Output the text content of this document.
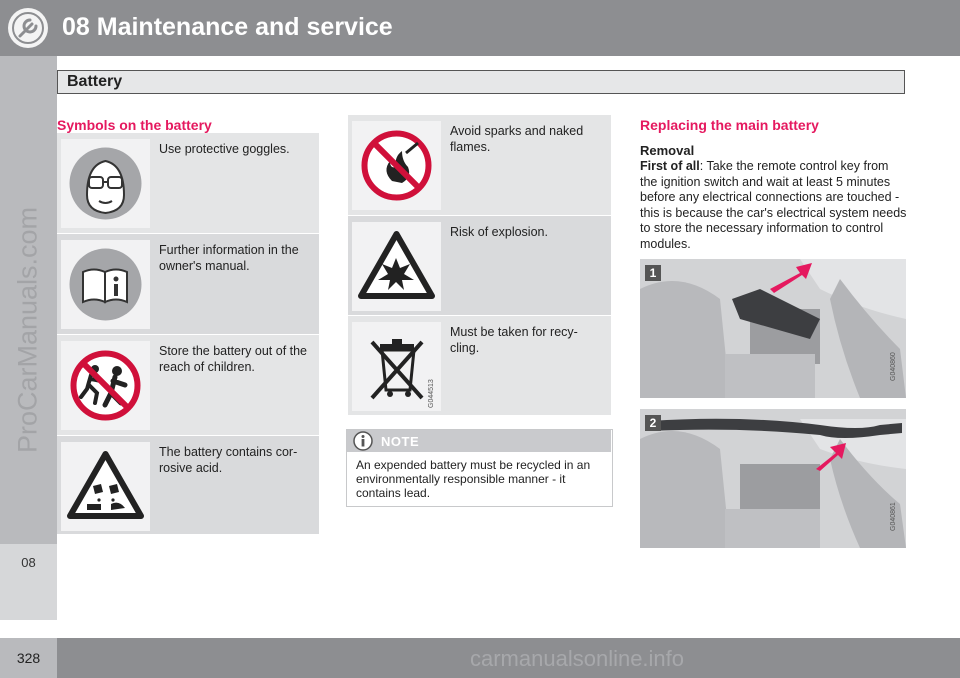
08 Maintenance and service
08
ProCarManuals.com
Battery
Symbols on the battery
Use protective goggles.
Further information in the owner's manual.
Store the battery out of the reach of children.
The battery contains cor-rosive acid.
Avoid sparks and naked flames.
Risk of explosion.
G044513
Must be taken for recy-cling.
NOTE
An expended battery must be recycled in an environmentally responsible manner - it contains lead.
Replacing the main battery
Removal
First of all: Take the remote control key from the ignition switch and wait at least 5 minutes before any electrical connections are touched - this is because the car's electrical system needs to store the necessary information to control modules.
1
G040860
2
G040861
328	carmanualsonline.info
